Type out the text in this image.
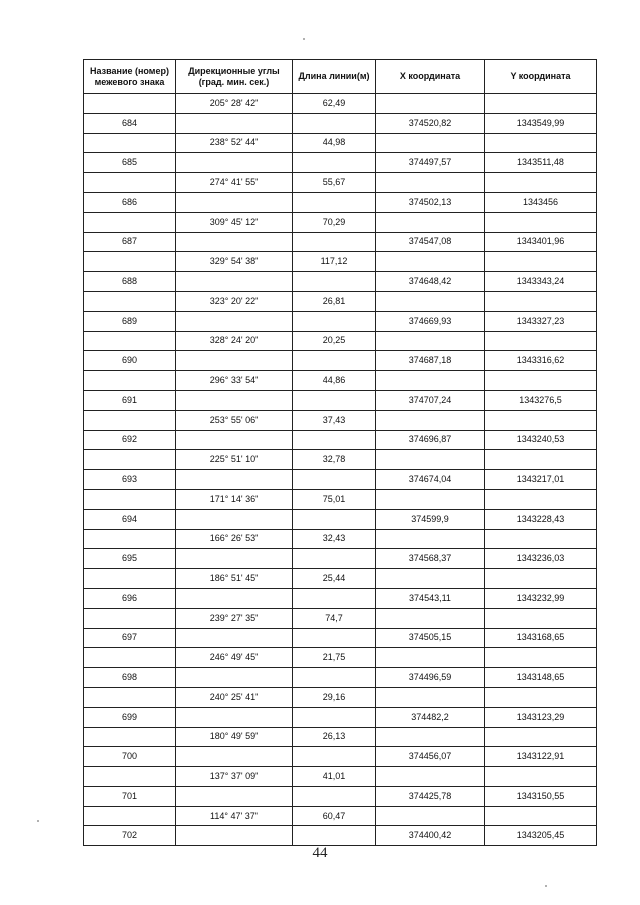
Название (номер) межевого знака	Дирекционные углы (град. мин. сек.)	Длина линии(м)	X координата	Y координата
	205° 28' 42"	62,49		
684			374520,82	1343549,99
	238° 52' 44"	44,98		
685			374497,57	1343511,48
	274° 41' 55"	55,67		
686			374502,13	1343456
	309° 45' 12"	70,29		
687			374547,08	1343401,96
	329° 54' 38"	117,12		
688			374648,42	1343343,24
	323° 20' 22"	26,81		
689			374669,93	1343327,23
	328° 24' 20"	20,25		
690			374687,18	1343316,62
	296° 33' 54"	44,86		
691			374707,24	1343276,5
	253° 55' 06"	37,43		
692			374696,87	1343240,53
	225° 51' 10"	32,78		
693			374674,04	1343217,01
	171° 14' 36"	75,01		
694			374599,9	1343228,43
	166° 26' 53"	32,43		
695			374568,37	1343236,03
	186° 51' 45"	25,44		
696			374543,11	1343232,99
	239° 27' 35"	74,7		
697			374505,15	1343168,65
	246° 49' 45"	21,75		
698			374496,59	1343148,65
	240° 25' 41"	29,16		
699			374482,2	1343123,29
	180° 49' 59"	26,13		
700			374456,07	1343122,91
	137° 37' 09"	41,01		
701			374425,78	1343150,55
	114° 47' 37"	60,47		
702			374400,42	1343205,45
44
